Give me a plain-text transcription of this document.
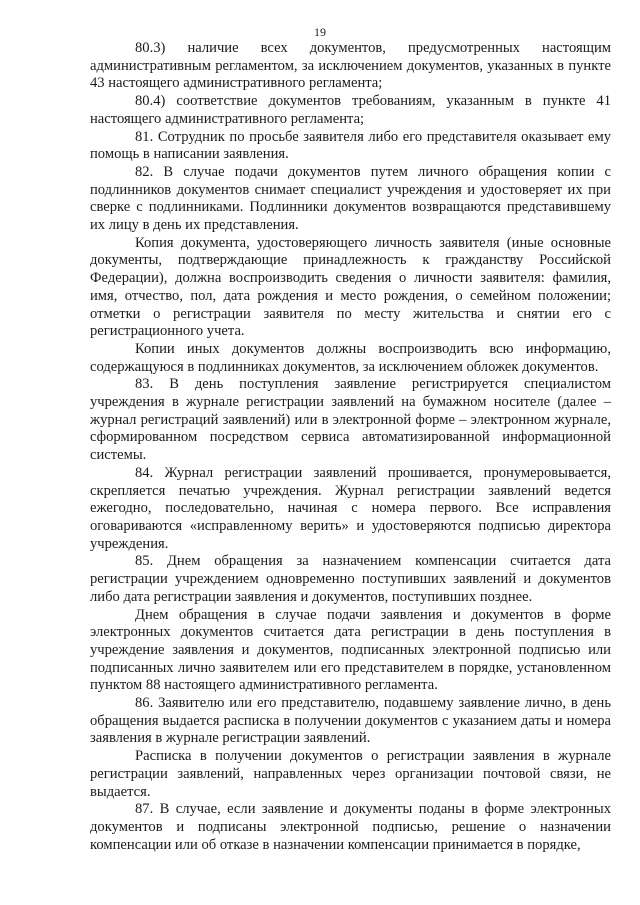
19

80.3) наличие всех документов, предусмотренных настоящим административным регламентом, за исключением документов, указанных в пункте 43 настоящего административного регламента;

80.4) соответствие документов требованиям, указанным в пункте 41 настоящего административного регламента;

81. Сотрудник по просьбе заявителя либо его представителя оказывает ему помощь в написании заявления.

82. В случае подачи документов путем личного обращения копии с подлинников документов снимает специалист учреждения и удостоверяет их при сверке с подлинниками. Подлинники документов возвращаются представившему их лицу в день их представления.

Копия документа, удостоверяющего личность заявителя (иные основные документы, подтверждающие принадлежность к гражданству Российской Федерации), должна воспроизводить сведения о личности заявителя: фамилия, имя, отчество, пол, дата рождения и место рождения, о семейном положении; отметки о регистрации заявителя по месту жительства и снятии его с регистрационного учета.

Копии иных документов должны воспроизводить всю информацию, содержащуюся в подлинниках документов, за исключением обложек документов.

83. В день поступления заявление регистрируется специалистом учреждения в журнале регистрации заявлений на бумажном носителе (далее – журнал регистраций заявлений) или в электронной форме – электронном журнале, сформированном посредством сервиса автоматизированной информационной системы.

84. Журнал регистрации заявлений прошивается, пронумеровывается, скрепляется печатью учреждения. Журнал регистрации заявлений ведется ежегодно, последовательно, начиная с номера первого. Все исправления оговариваются «исправленному верить» и удостоверяются подписью директора учреждения.

85. Днем обращения за назначением компенсации считается дата регистрации учреждением одновременно поступивших заявлений и документов либо дата регистрации заявления и документов, поступивших позднее.

Днем обращения в случае подачи заявления и документов в форме электронных документов считается дата регистрации в день поступления в учреждение заявления и документов, подписанных электронной подписью или подписанных лично заявителем или его представителем в порядке, установленном пунктом 88 настоящего административного регламента.

86. Заявителю или его представителю, подавшему заявление лично, в день обращения выдается расписка в получении документов с указанием даты и номера заявления в журнале регистрации заявлений.

Расписка в получении документов о регистрации заявления в журнале регистрации заявлений, направленных через организации почтовой связи, не выдается.

87. В случае, если заявление и документы поданы в форме электронных документов и подписаны электронной подписью, решение о назначении компенсации или об отказе в назначении компенсации принимается в порядке,
